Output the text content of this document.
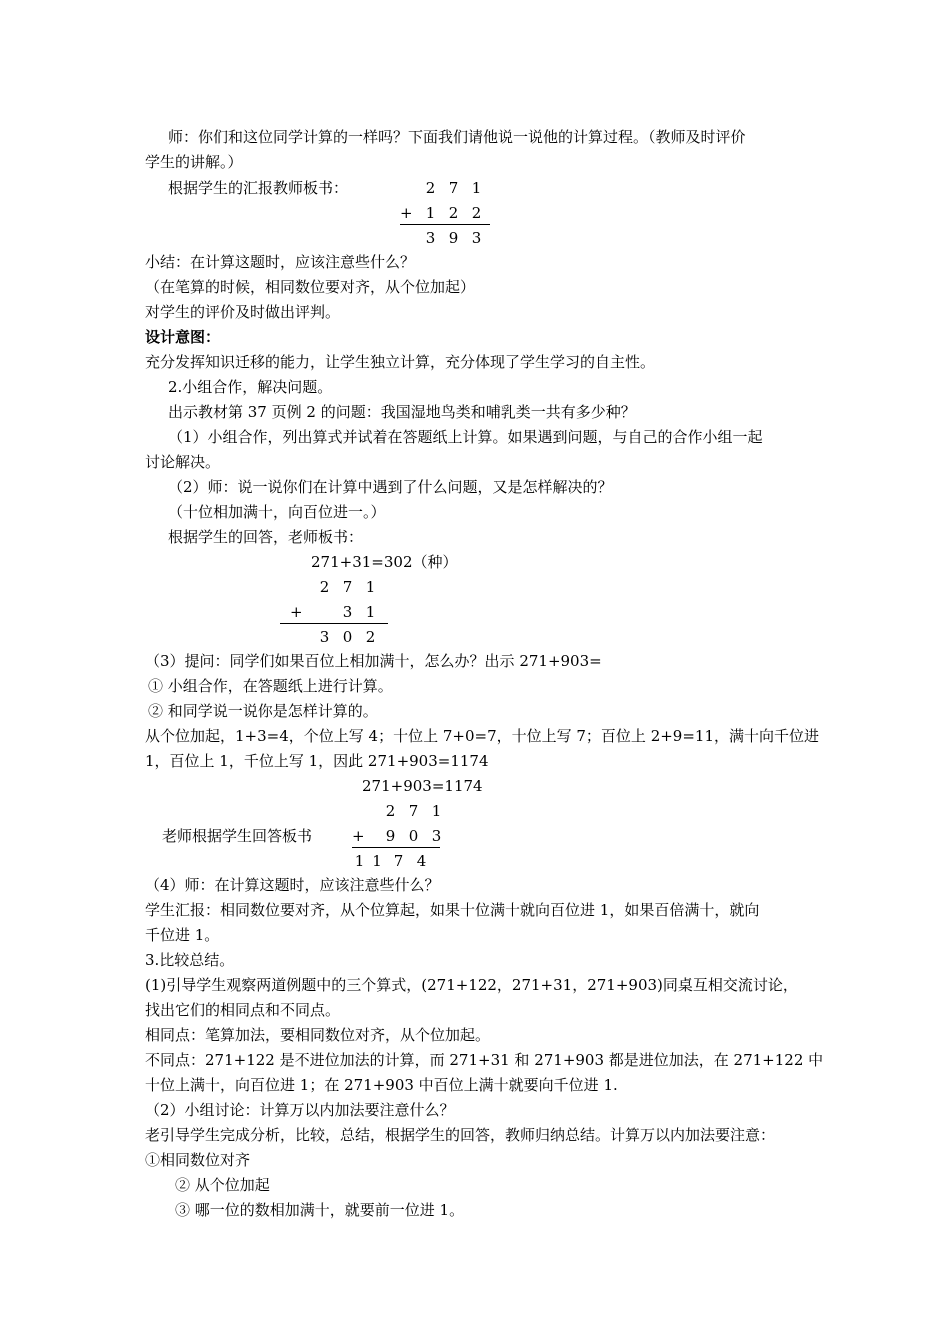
师：你们和这位同学计算的一样吗？下面我们请他说一说他的计算过程。（教师及时评价
学生的讲解。）
根据学生的汇报教师板书：	2 7 1
+ 1 2 2
3 9 3
小结：在计算这题时，应该注意些什么？
（在笔算的时候，相同数位要对齐，从个位加起）
对学生的评价及时做出评判。
设计意图：
充分发挥知识迁移的能力，让学生独立计算，充分体现了学生学习的自主性。
2.小组合作，解决问题。
出示教材第 37 页例 2 的问题：我国湿地鸟类和哺乳类一共有多少种？
（1）小组合作，列出算式并试着在答题纸上计算。如果遇到问题，与自己的合作小组一起
讨论解决。
（2）师：说一说你们在计算中遇到了什么问题，又是怎样解决的？
（十位相加满十，向百位进一。）
根据学生的回答，老师板书：
271+31=302（种）
2 7 1
+	3 1
3 0 2
（3）提问：同学们如果百位上相加满十，怎么办？出示 271+903=
① 小组合作，在答题纸上进行计算。
② 和同学说一说你是怎样计算的。
从个位加起，1+3=4，个位上写 4；十位上 7+0=7，十位上写 7；百位上 2+9=11，满十向千位进
1，百位上 1，千位上写 1，因此 271+903=1174
271+903=1174
老师根据学生回答板书
2 7 1
+ 9 0 3
1 1 7 4
（4）师：在计算这题时，应该注意些什么？
学生汇报：相同数位要对齐，从个位算起，如果十位满十就向百位进 1，如果百倍满十，就向
千位进 1。
3.比较总结。
(1)引导学生观察两道例题中的三个算式，(271+122，271+31，271+903)同桌互相交流讨论，
找出它们的相同点和不同点。
相同点：笔算加法，要相同数位对齐，从个位加起。
不同点：271+122 是不进位加法的计算，而 271+31 和 271+903 都是进位加法，在 271+122 中
十位上满十，向百位进 1；在 271+903 中百位上满十就要向千位进 1.
（2）小组讨论：计算万以内加法要注意什么？
老引导学生完成分析，比较，总结，根据学生的回答，教师归纳总结。计算万以内加法要注意：
①相同数位对齐
② 从个位加起
③ 哪一位的数相加满十，就要前一位进 1。
